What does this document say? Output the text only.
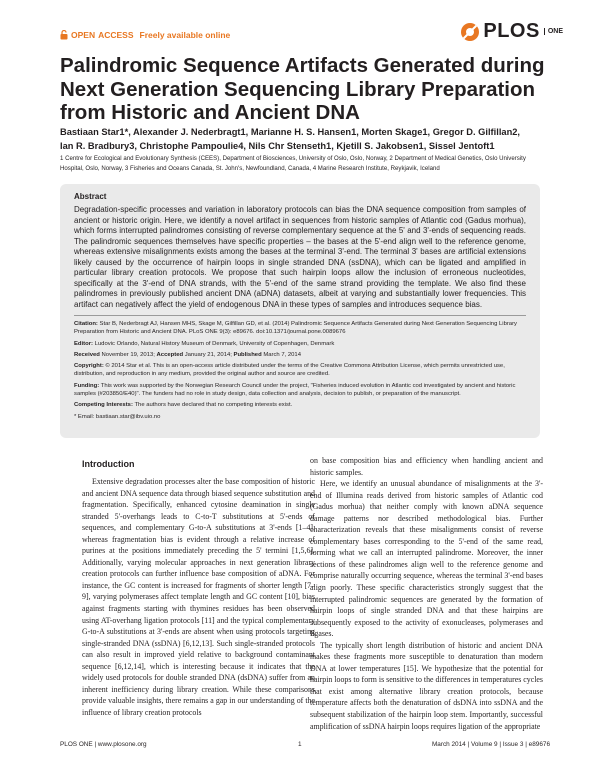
OPEN ACCESS Freely available online	PLOS	ONE
Palindromic Sequence Artifacts Generated during Next Generation Sequencing Library Preparation from Historic and Ancient DNA
Bastiaan Star1*, Alexander J. Nederbragt1, Marianne H. S. Hansen1, Morten Skage1, Gregor D. Gilfillan2,
Ian R. Bradbury3, Christophe Pampoulie4, Nils Chr Stenseth1, Kjetill S. Jakobsen1, Sissel Jentoft1
1 Centre for Ecological and Evolutionary Synthesis (CEES), Department of Biosciences, University of Oslo, Oslo, Norway, 2 Department of Medical Genetics, Oslo University Hospital, Oslo, Norway, 3 Fisheries and Oceans Canada, St. John's, Newfoundland, Canada, 4 Marine Research Institute, Reykjavik, Iceland
Abstract
Degradation-specific processes and variation in laboratory protocols can bias the DNA sequence composition from samples of ancient or historic origin. Here, we identify a novel artifact in sequences from historic samples of Atlantic cod (Gadus morhua), which forms interrupted palindromes consisting of reverse complementary sequence at the 5' and 3'-ends of sequencing reads. The palindromic sequences themselves have specific properties – the bases at the 5'-end align well to the reference genome, whereas extensive misalignments exists among the bases at the terminal 3'-end. The terminal 3' bases are artificial extensions likely caused by the occurrence of hairpin loops in single stranded DNA (ssDNA), which can be ligated and amplified in particular library creation protocols. We propose that such hairpin loops allow the inclusion of erroneous nucleotides, specifically at the 3'-end of DNA strands, with the 5'-end of the same strand providing the template. We also find these palindromes in previously published ancient DNA (aDNA) datasets, albeit at varying and substantially lower frequencies. This artifact can negatively affect the yield of endogenous DNA in these types of samples and introduces sequence bias.
Citation: Star B, Nederbragt AJ, Hansen MHS, Skage M, Gilfillan GD, et al. (2014) Palindromic Sequence Artifacts Generated during Next Generation Sequencing Library Preparation from Historic and Ancient DNA. PLoS ONE 9(3): e89676. doi:10.1371/journal.pone.0089676
Editor: Ludovic Orlando, Natural History Museum of Denmark, University of Copenhagen, Denmark
Received November 19, 2013; Accepted January 21, 2014; Published March 7, 2014
Copyright: © 2014 Star et al. This is an open-access article distributed under the terms of the Creative Commons Attribution License, which permits unrestricted use, distribution, and reproduction in any medium, provided the original author and source are credited.
Funding: This work was supported by the Norwegian Research Council under the project, "Fisheries induced evolution in Atlantic cod investigated by ancient and historic samples (#203850/E40)". The funders had no role in study design, data collection and analysis, decision to publish, or preparation of the manuscript.
Competing Interests: The authors have declared that no competing interests exist.
* Email: bastiaan.star@ibv.uio.no
Introduction

Extensive degradation processes alter the base composition of historic and ancient DNA sequence data through biased sequence substitution and fragmentation. Specifically, enhanced cytosine deamination in single stranded 5'-overhangs leads to C-to-T substitutions at 5'-ends of sequences, and complementary G-to-A substitutions at 3'-ends [1–4], whereas fragmentation bias is evident through a relative increase of purines at the positions immediately preceding the 5' termini [1,5,6]. Additionally, varying molecular approaches in next generation library creation protocols can further influence base composition of aDNA. For instance, the GC content is increased for fragments of shorter length [7–9], varying polymerases affect template length and GC content [10], bias against fragments starting with thymines residues has been observed using AT-overhang ligation protocols [11] and the typical complementary G-to-A substitutions at 3'-ends are absent when using protocols targeting single-stranded DNA (ssDNA) [6,12,13]. Such single-stranded protocols can also result in improved yield relative to background contaminant sequence [6,12,14], which is interesting because it indicates that the widely used protocols for double stranded DNA (dsDNA) suffer from an inherent inefficiency during library creation. While these comparisons provide valuable insights, there remains a gap in our understanding of the influence of library creation protocols

on base composition bias and efficiency when handling ancient and historic samples.

Here, we identify an unusual abundance of misalignments at the 3'-end of Illumina reads derived from historic samples of Atlantic cod (Gadus morhua) that neither comply with known aDNA sequence damage patterns nor described methodological bias. Further characterization reveals that these misalignments consist of reverse complementary bases corresponding to the 5'-end of the same read, forming what we call an interrupted palindrome. Moreover, the inner sections of these palindromes align well to the reference genome and comprise naturally occurring sequence, whereas the terminal 3'-end bases align poorly. These specific characteristics strongly suggest that the interrupted palindromic sequences are generated by the formation of hairpin loops of single stranded DNA and that these hairpins are subsequently exposed to the activity of exonucleases, polymerases and ligases.

The typically short length distribution of historic and ancient DNA makes these fragments more susceptible to denaturation than modern DNA at lower temperatures [15]. We hypothesize that the potential for hairpin loops to form is sensitive to the differences in temperatures cycles that exist among alternative library creation protocols, because temperature affects both the denaturation of dsDNA into ssDNA and the subsequent stabilization of the hairpin loop stem. Importantly, successful amplification of ssDNA hairpin loops requires ligation of the appropriate

PLOS ONE | www.plosone.org	1	March 2014 | Volume 9 | Issue 3 | e89676
